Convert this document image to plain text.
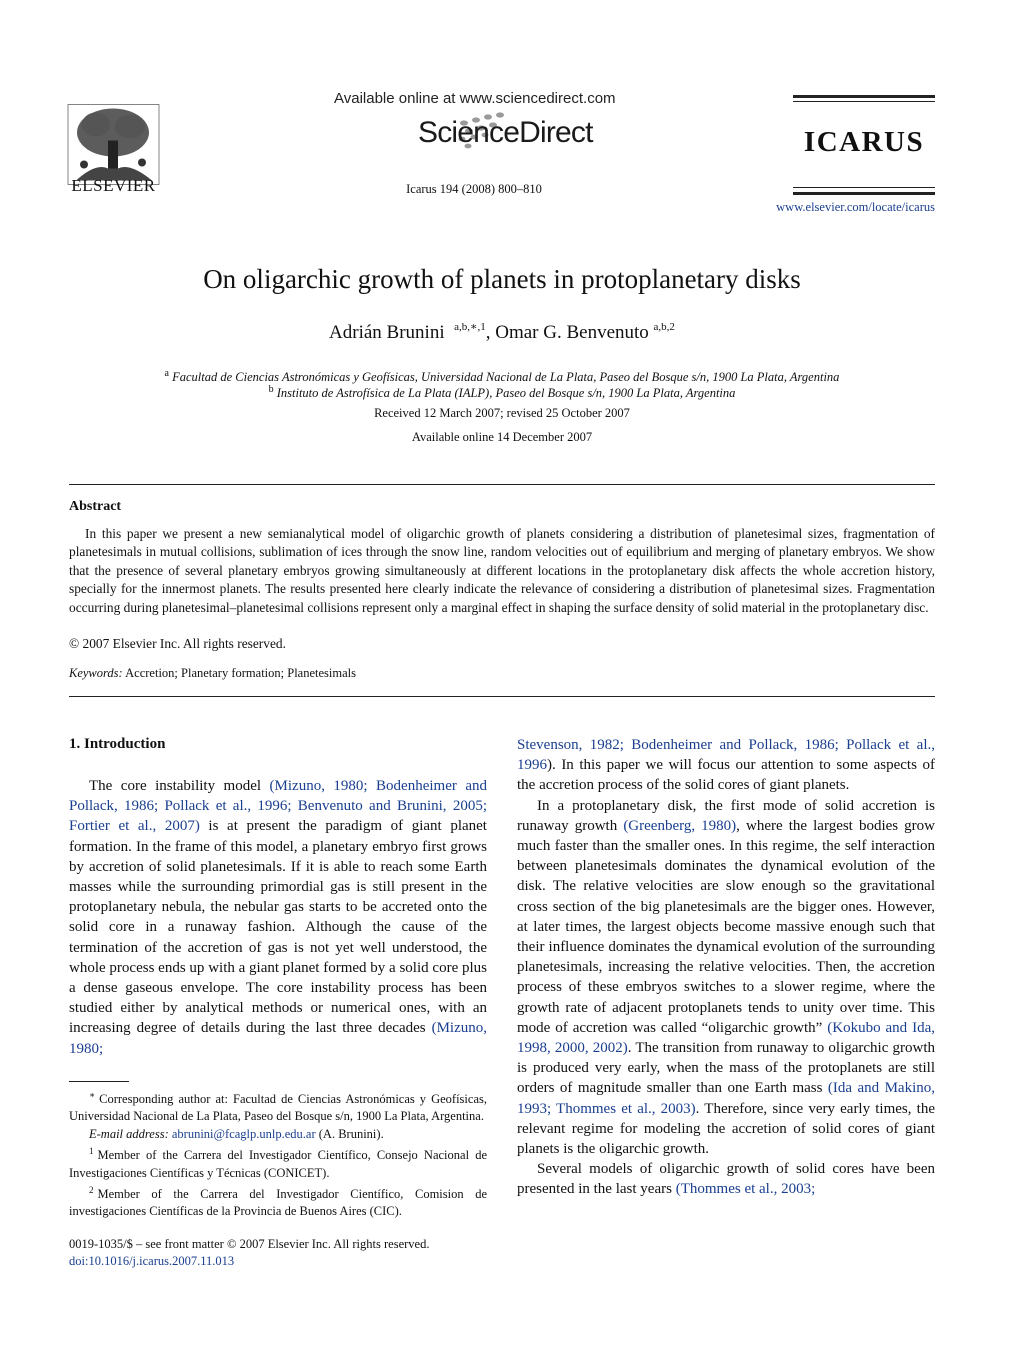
ELSEVIER
Available online at www.sciencedirect.com
ScienceDirect
Icarus 194 (2008) 800–810
ICARUS
www.elsevier.com/locate/icarus
On oligarchic growth of planets in protoplanetary disks
Adrián Brunini $^{a,b,∗,1}$, Omar G. Benvenuto $^{a,b,2}$
$^a$ Facultad de Ciencias Astronómicas y Geofísicas, Universidad Nacional de La Plata, Paseo del Bosque s/n, 1900 La Plata, Argentina
$^b$ Instituto de Astrofísica de La Plata (IALP), Paseo del Bosque s/n, 1900 La Plata, Argentina
Received 12 March 2007; revised 25 October 2007
Available online 14 December 2007
Abstract
In this paper we present a new semianalytical model of oligarchic growth of planets considering a distribution of planetesimal sizes, fragmentation of planetesimals in mutual collisions, sublimation of ices through the snow line, random velocities out of equilibrium and merging of planetary embryos. We show that the presence of several planetary embryos growing simultaneously at different locations in the protoplanetary disk affects the whole accretion history, specially for the innermost planets. The results presented here clearly indicate the relevance of considering a distribution of planetesimal sizes. Fragmentation occurring during planetesimal–planetesimal collisions represent only a marginal effect in shaping the surface density of solid material in the protoplanetary disc.
© 2007 Elsevier Inc. All rights reserved.
Keywords: Accretion; Planetary formation; Planetesimals
1. Introduction

The core instability model (Mizuno, 1980; Bodenheimer and Pollack, 1986; Pollack et al., 1996; Benvenuto and Brunini, 2005; Fortier et al., 2007) is at present the paradigm of giant planet formation. In the frame of this model, a planetary embryo first grows by accretion of solid planetesimals. If it is able to reach some Earth masses while the surrounding primordial gas is still present in the protoplanetary nebula, the nebular gas starts to be accreted onto the solid core in a runaway fashion. Although the cause of the termination of the accretion of gas is not yet well understood, the whole process ends up with a giant planet formed by a solid core plus a dense gaseous envelope. The core instability process has been studied either by analytical methods or numerical ones, with an increasing degree of details during the last three decades (Mizuno, 1980;

Stevenson, 1982; Bodenheimer and Pollack, 1986; Pollack et al., 1996). In this paper we will focus our attention to some aspects of the accretion process of the solid cores of giant planets.

In a protoplanetary disk, the first mode of solid accretion is runaway growth (Greenberg, 1980), where the largest bodies grow much faster than the smaller ones. In this regime, the self interaction between planetesimals dominates the dynamical evolution of the disk. The relative velocities are slow enough so the gravitational cross section of the big planetesimals are the bigger ones. However, at later times, the largest objects become massive enough such that their influence dominates the dynamical evolution of the surrounding planetesimals, increasing the relative velocities. Then, the accretion process of these embryos switches to a slower regime, where the growth rate of adjacent protoplanets tends to unity over time. This mode of accretion was called “oligarchic growth” (Kokubo and Ida, 1998, 2000, 2002). The transition from runaway to oligarchic growth is produced very early, when the mass of the protoplanets are still orders of magnitude smaller than one Earth mass (Ida and Makino, 1993; Thommes et al., 2003). Therefore, since very early times, the relevant regime for modeling the accretion of solid cores of giant planets is the oligarchic growth.

Several models of oligarchic growth of solid cores have been presented in the last years (Thommes et al., 2003;

∗ Corresponding author at: Facultad de Ciencias Astronómicas y Geofísicas, Universidad Nacional de La Plata, Paseo del Bosque s/n, 1900 La Plata, Argentina.

E-mail address: abrunini@fcaglp.unlp.edu.ar (A. Brunini).

$^1$ Member of the Carrera del Investigador Científico, Consejo Nacional de Investigaciones Científicas y Técnicas (CONICET).

$^2$ Member of the Carrera del Investigador Científico, Comision de investigaciones Científicas de la Provincia de Buenos Aires (CIC).

0019-1035/$ – see front matter © 2007 Elsevier Inc. All rights reserved.
doi:10.1016/j.icarus.2007.11.013
